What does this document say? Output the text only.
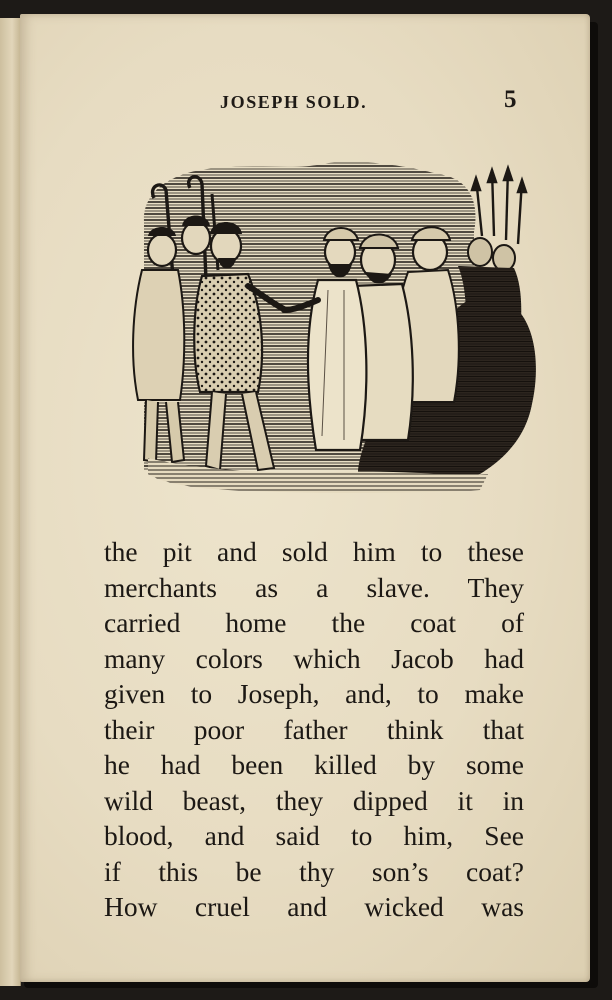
JOSEPH SOLD.	5
the pit and sold him to these
merchants as a slave. They
carried home the coat of
many colors which Jacob had
given to Joseph, and, to make
their poor father think that
he had been killed by some
wild beast, they dipped it in
blood, and said to him, See
if this be thy son’s coat?
How cruel and wicked was
